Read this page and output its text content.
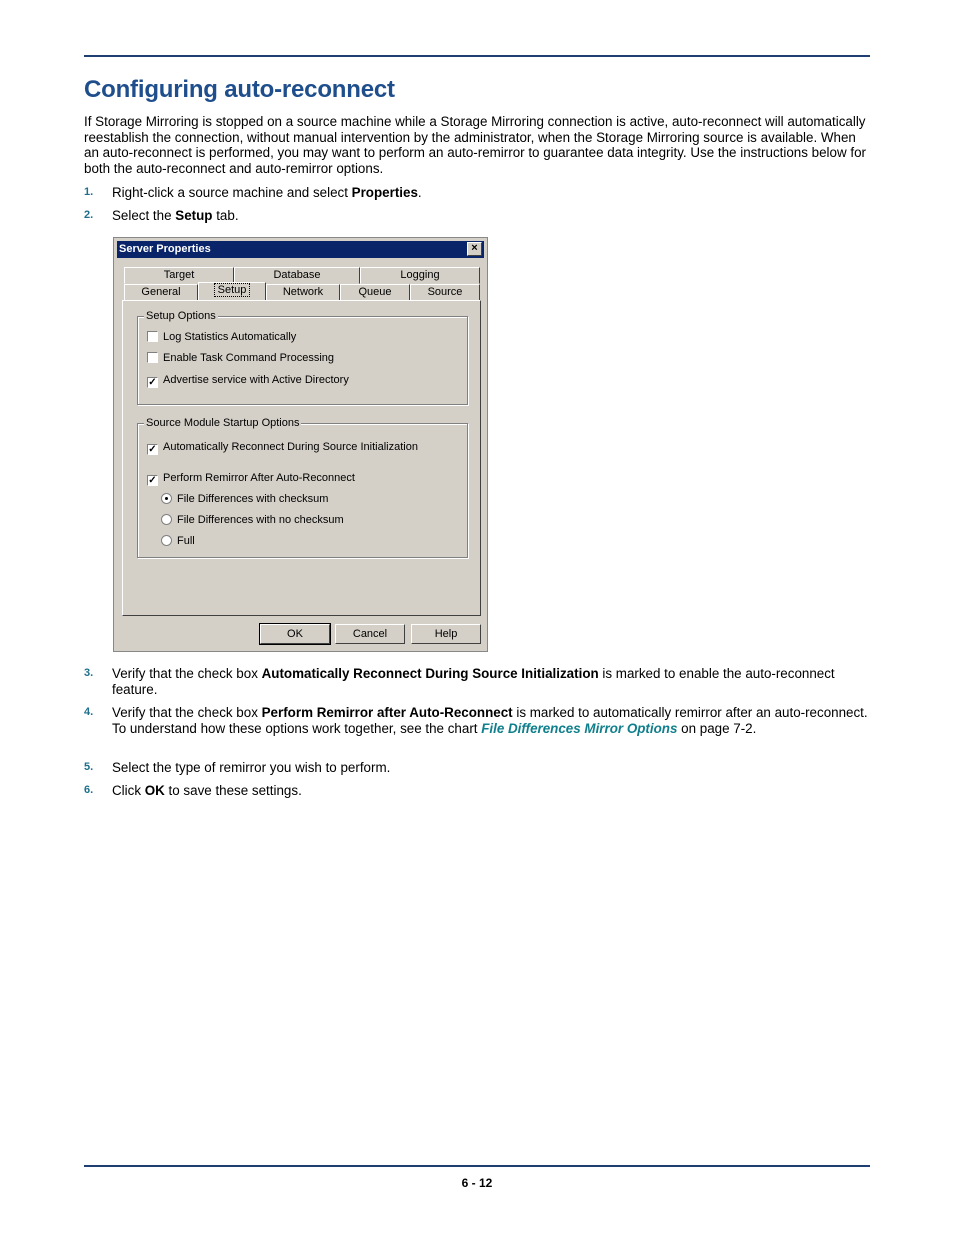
Configuring auto-reconnect

If Storage Mirroring is stopped on a source machine while a Storage Mirroring connection is active, auto-reconnect will automatically reestablish the connection, without manual intervention by the administrator, when the Storage Mirroring source is available. When an auto-reconnect is performed, you may want to perform an auto-remirror to guarantee data integrity. Use the instructions below for both the auto-reconnect and auto-remirror options.

1. Right-click a source machine and select Properties.
2. Select the Setup tab.
Server Properties	×
Target	Database	Logging
General	Setup	Network	Queue	Source
Setup Options
Log Statistics Automatically
Enable Task Command Processing
✓ Advertise service with Active Directory
Source Module Startup Options
✓ Automatically Reconnect During Source Initialization
✓ Perform Remirror After Auto-Reconnect
File Differences with checksum
File Differences with no checksum
Full
OK	Cancel	Help
3. Verify that the check box Automatically Reconnect During Source Initialization is marked to enable the auto-reconnect feature.
4. Verify that the check box Perform Remirror after Auto-Reconnect is marked to automatically remirror after an auto-reconnect. To understand how these options work together, see the chart File Differences Mirror Options on page 7-2.
5. Select the type of remirror you wish to perform.
6. Click OK to save these settings.
6 - 12
